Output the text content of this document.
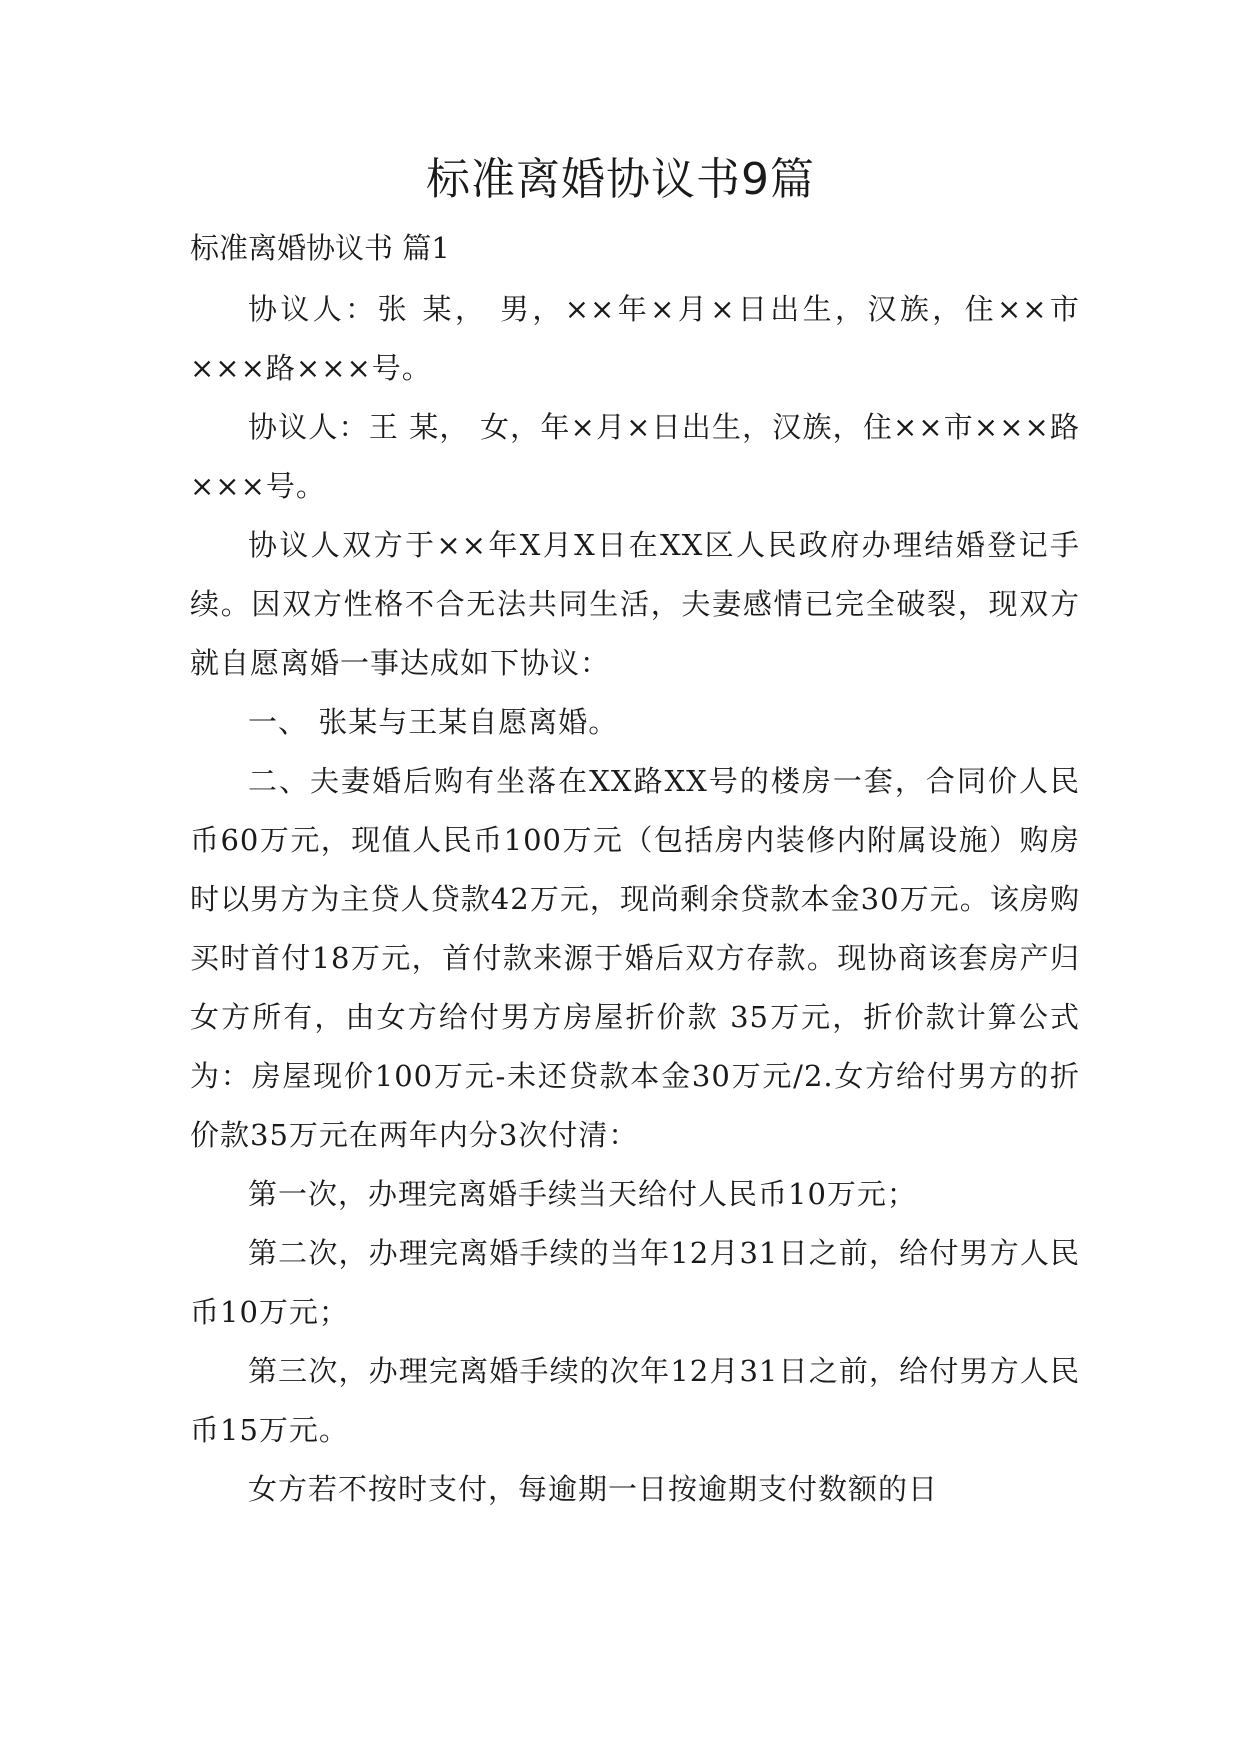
标准离婚协议书9篇
标准离婚协议书 篇1

协议人：张 某， 男，××年×月×日出生，汉族，住××市×××路×××号。

协议人：王 某， 女，年×月×日出生，汉族，住××市×××路×××号。

协议人双方于××年X月X日在XX区人民政府办理结婚登记手续。因双方性格不合无法共同生活，夫妻感情已完全破裂，现双方就自愿离婚一事达成如下协议：

一、 张某与王某自愿离婚。

二、夫妻婚后购有坐落在XX路XX号的楼房一套，合同价人民币60万元，现值人民币100万元（包括房内装修内附属设施）购房时以男方为主贷人贷款42万元，现尚剩余贷款本金30万元。该房购买时首付18万元，首付款来源于婚后双方存款。现协商该套房产归女方所有，由女方给付男方房屋折价款 35万元，折价款计算公式为：房屋现价100万元-未还贷款本金30万元/2.女方给付男方的折价款35万元在两年内分3次付清：

第一次，办理完离婚手续当天给付人民币10万元；

第二次，办理完离婚手续的当年12月31日之前，给付男方人民币10万元；

第三次，办理完离婚手续的次年12月31日之前，给付男方人民币15万元。

女方若不按时支付，每逾期一日按逾期支付数额的日
